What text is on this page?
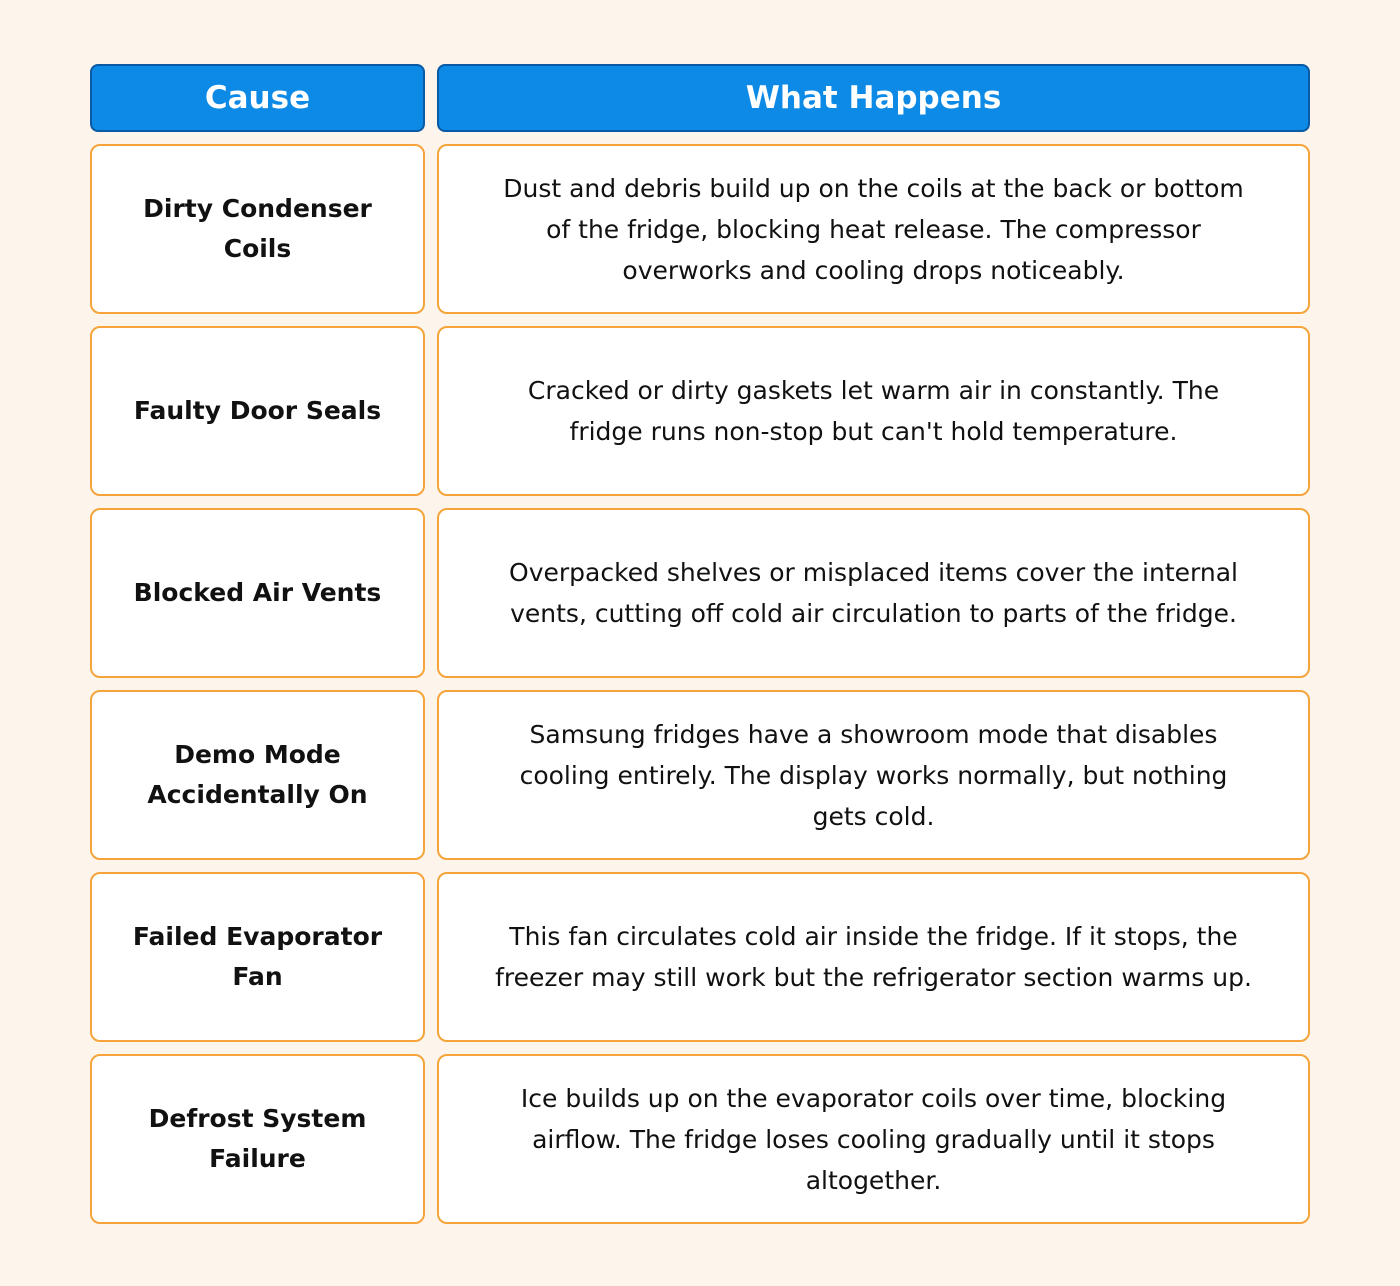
Cause	What Happens
Dirty Condenser Coils
Dust and debris build up on the coils at the back or bottom of the fridge, blocking heat release. The compressor overworks and cooling drops noticeably.
Faulty Door Seals
Cracked or dirty gaskets let warm air in constantly. The fridge runs non-stop but can't hold temperature.
Blocked Air Vents
Overpacked shelves or misplaced items cover the internal vents, cutting off cold air circulation to parts of the fridge.
Demo Mode Accidentally On
Samsung fridges have a showroom mode that disables cooling entirely. The display works normally, but nothing gets cold.
Failed Evaporator Fan
This fan circulates cold air inside the fridge. If it stops, the freezer may still work but the refrigerator section warms up.
Defrost System Failure
Ice builds up on the evaporator coils over time, blocking airflow. The fridge loses cooling gradually until it stops altogether.
